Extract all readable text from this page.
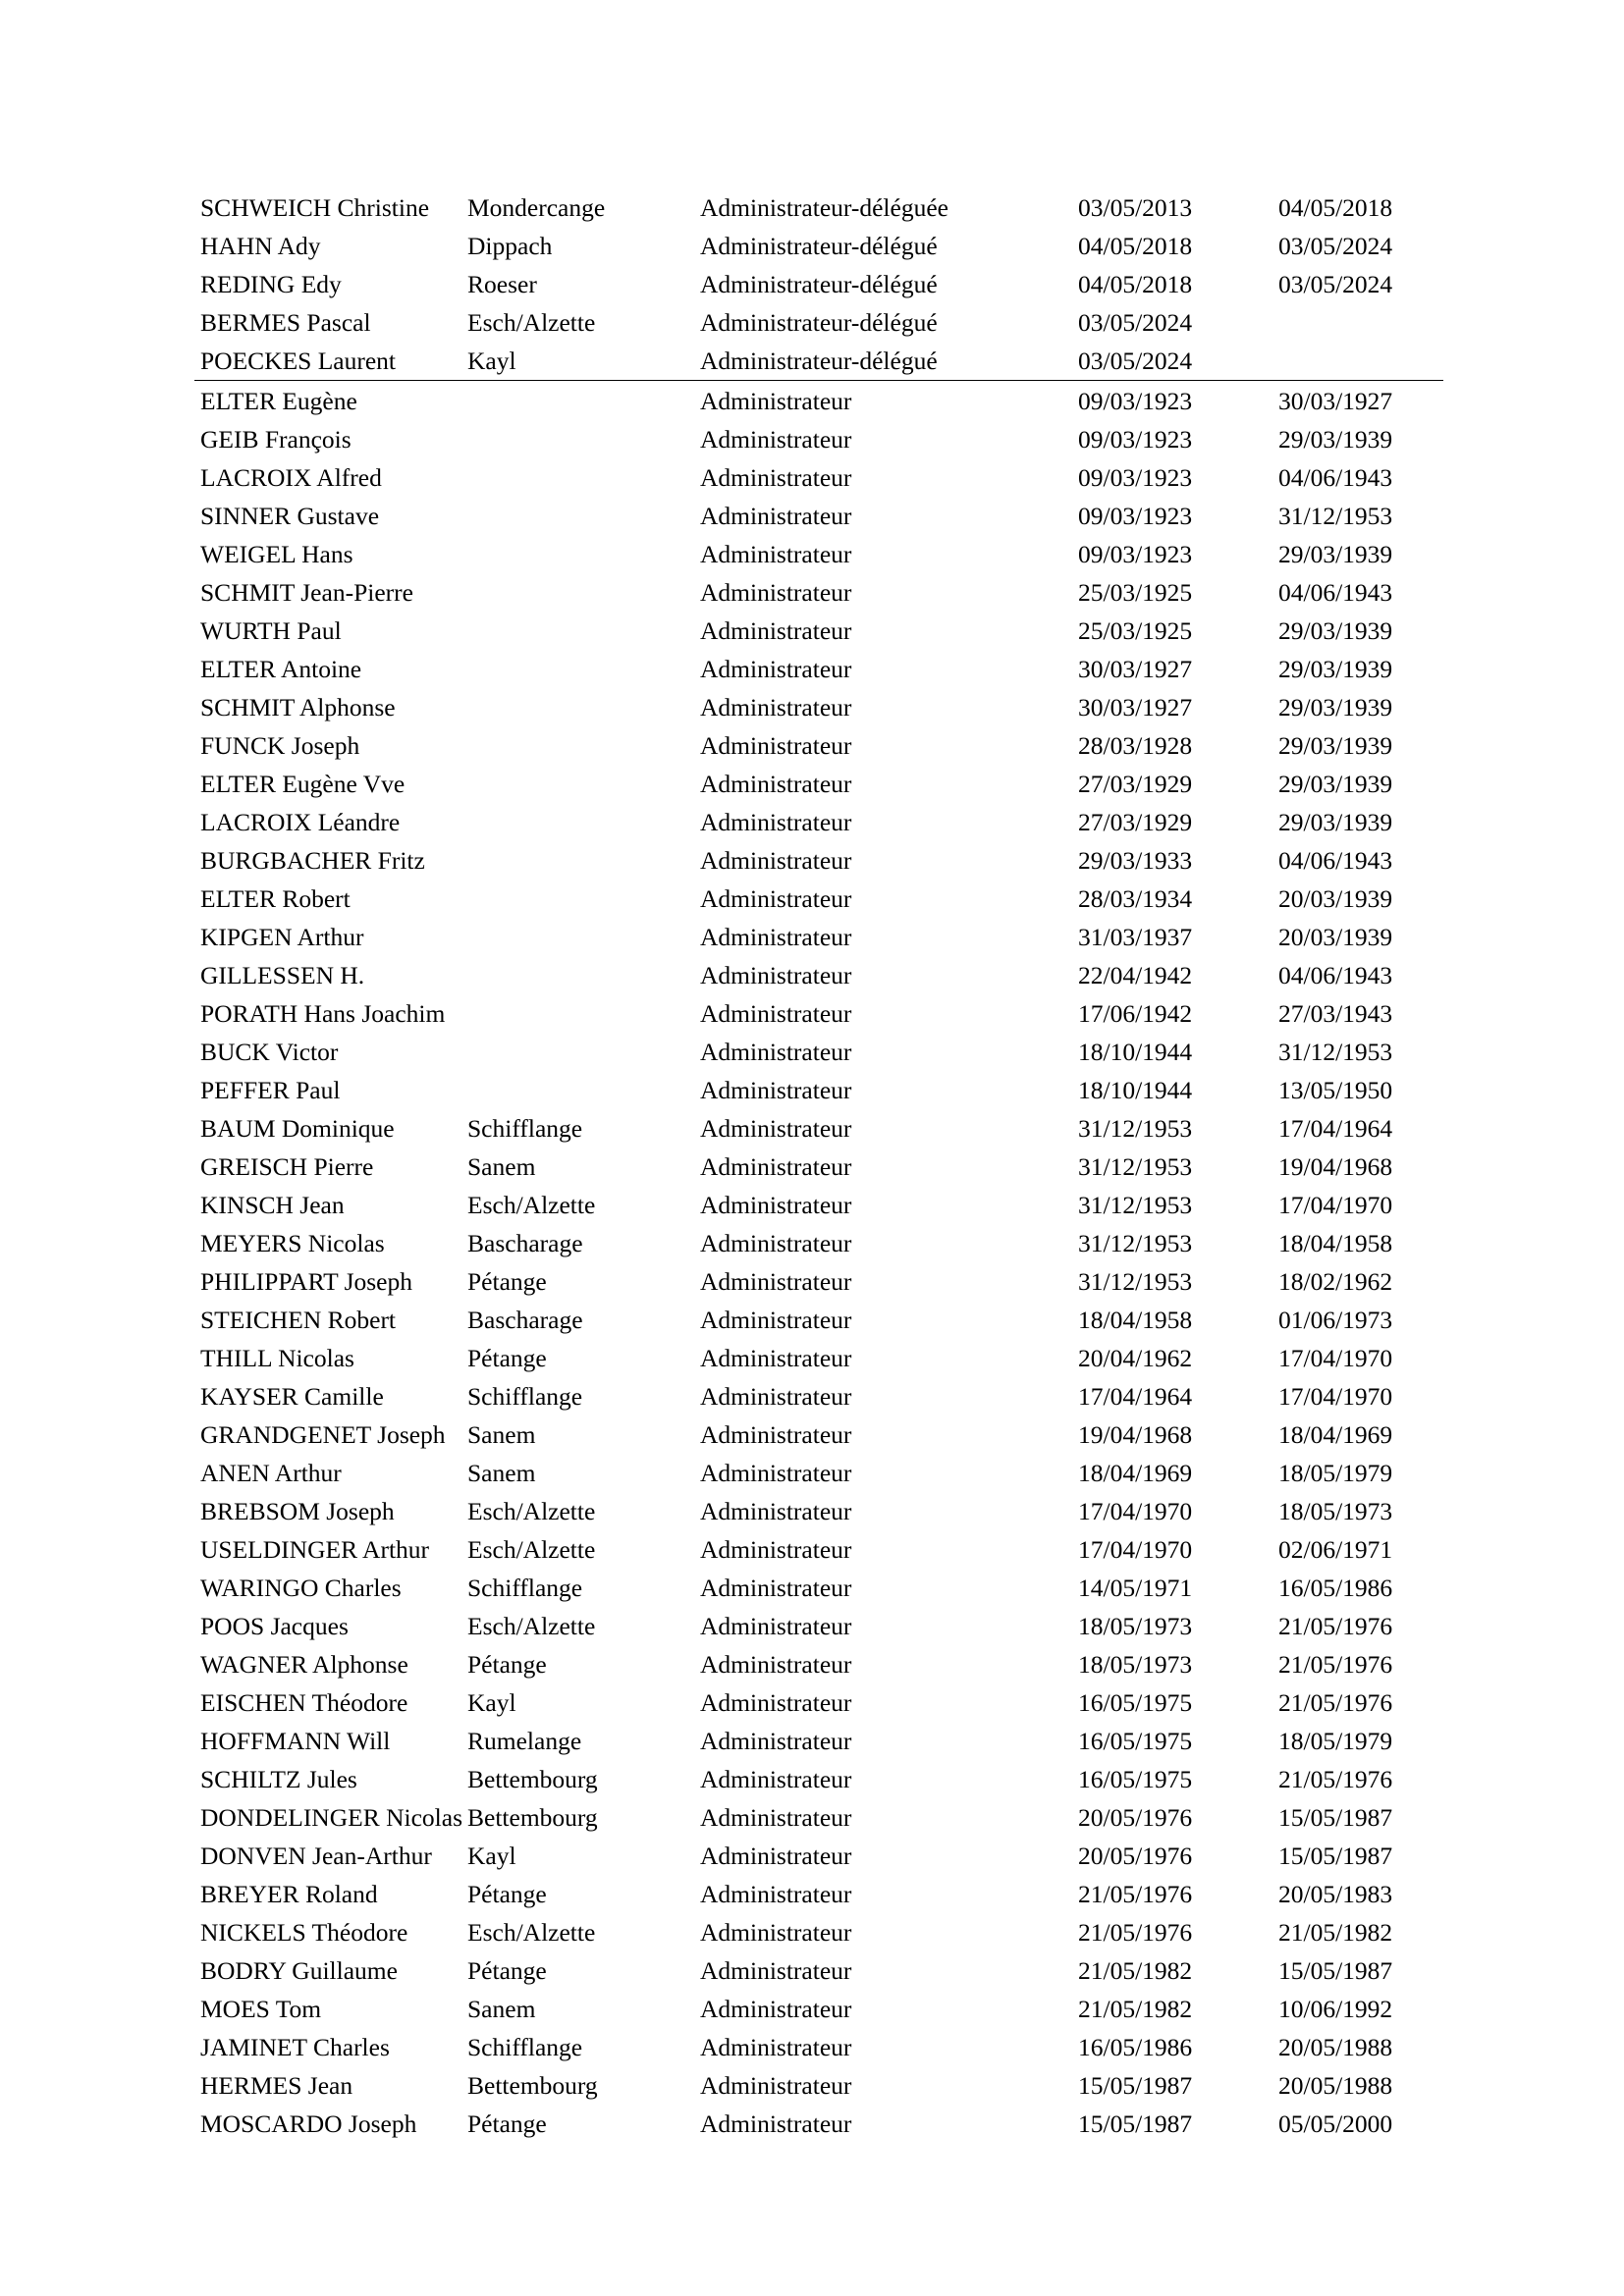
SCHWEICH Christine	Mondercange	Administrateur-déléguée	03/05/2013	04/05/2018
HAHN Ady	Dippach	Administrateur-délégué	04/05/2018	03/05/2024
REDING Edy	Roeser	Administrateur-délégué	04/05/2018	03/05/2024
BERMES Pascal	Esch/Alzette	Administrateur-délégué	03/05/2024	
POECKES Laurent	Kayl	Administrateur-délégué	03/05/2024	
ELTER Eugène		Administrateur	09/03/1923	30/03/1927
GEIB François		Administrateur	09/03/1923	29/03/1939
LACROIX Alfred		Administrateur	09/03/1923	04/06/1943
SINNER Gustave		Administrateur	09/03/1923	31/12/1953
WEIGEL Hans		Administrateur	09/03/1923	29/03/1939
SCHMIT Jean-Pierre		Administrateur	25/03/1925	04/06/1943
WURTH Paul		Administrateur	25/03/1925	29/03/1939
ELTER Antoine		Administrateur	30/03/1927	29/03/1939
SCHMIT Alphonse		Administrateur	30/03/1927	29/03/1939
FUNCK Joseph		Administrateur	28/03/1928	29/03/1939
ELTER Eugène Vve		Administrateur	27/03/1929	29/03/1939
LACROIX Léandre		Administrateur	27/03/1929	29/03/1939
BURGBACHER Fritz		Administrateur	29/03/1933	04/06/1943
ELTER Robert		Administrateur	28/03/1934	20/03/1939
KIPGEN Arthur		Administrateur	31/03/1937	20/03/1939
GILLESSEN H.		Administrateur	22/04/1942	04/06/1943
PORATH Hans Joachim		Administrateur	17/06/1942	27/03/1943
BUCK Victor		Administrateur	18/10/1944	31/12/1953
PEFFER Paul		Administrateur	18/10/1944	13/05/1950
BAUM Dominique	Schifflange	Administrateur	31/12/1953	17/04/1964
GREISCH Pierre	Sanem	Administrateur	31/12/1953	19/04/1968
KINSCH Jean	Esch/Alzette	Administrateur	31/12/1953	17/04/1970
MEYERS Nicolas	Bascharage	Administrateur	31/12/1953	18/04/1958
PHILIPPART Joseph	Pétange	Administrateur	31/12/1953	18/02/1962
STEICHEN Robert	Bascharage	Administrateur	18/04/1958	01/06/1973
THILL Nicolas	Pétange	Administrateur	20/04/1962	17/04/1970
KAYSER Camille	Schifflange	Administrateur	17/04/1964	17/04/1970
GRANDGENET Joseph	Sanem	Administrateur	19/04/1968	18/04/1969
ANEN Arthur	Sanem	Administrateur	18/04/1969	18/05/1979
BREBSOM Joseph	Esch/Alzette	Administrateur	17/04/1970	18/05/1973
USELDINGER Arthur	Esch/Alzette	Administrateur	17/04/1970	02/06/1971
WARINGO Charles	Schifflange	Administrateur	14/05/1971	16/05/1986
POOS Jacques	Esch/Alzette	Administrateur	18/05/1973	21/05/1976
WAGNER Alphonse	Pétange	Administrateur	18/05/1973	21/05/1976
EISCHEN Théodore	Kayl	Administrateur	16/05/1975	21/05/1976
HOFFMANN Will	Rumelange	Administrateur	16/05/1975	18/05/1979
SCHILTZ Jules	Bettembourg	Administrateur	16/05/1975	21/05/1976
DONDELINGER Nicolas	Bettembourg	Administrateur	20/05/1976	15/05/1987
DONVEN Jean-Arthur	Kayl	Administrateur	20/05/1976	15/05/1987
BREYER Roland	Pétange	Administrateur	21/05/1976	20/05/1983
NICKELS Théodore	Esch/Alzette	Administrateur	21/05/1976	21/05/1982
BODRY Guillaume	Pétange	Administrateur	21/05/1982	15/05/1987
MOES Tom	Sanem	Administrateur	21/05/1982	10/06/1992
JAMINET Charles	Schifflange	Administrateur	16/05/1986	20/05/1988
HERMES Jean	Bettembourg	Administrateur	15/05/1987	20/05/1988
MOSCARDO Joseph	Pétange	Administrateur	15/05/1987	05/05/2000
